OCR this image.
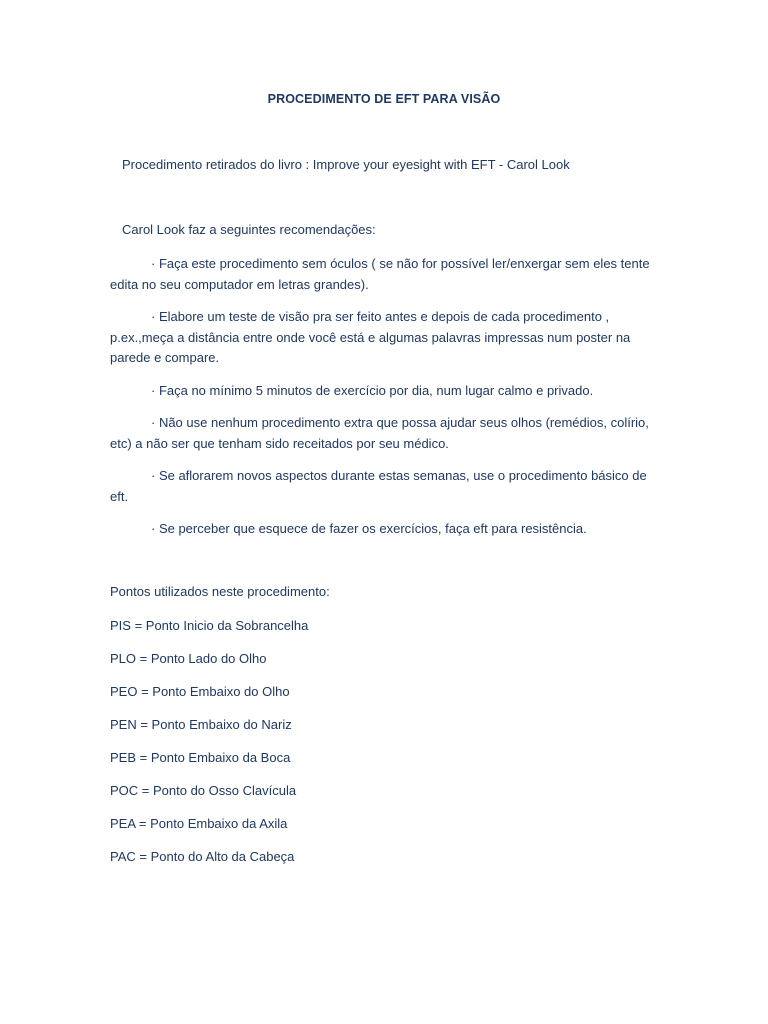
PROCEDIMENTO DE EFT PARA VISÃO
Procedimento retirados do livro : Improve your eyesight with EFT - Carol Look
Carol Look faz a seguintes recomendações:
· Faça este procedimento sem óculos ( se não for possível ler/enxergar sem eles tente edita no seu computador em letras grandes).
· Elabore um teste de visão pra ser feito antes e depois de cada procedimento , p.ex.,meça a distância entre onde você está e algumas palavras impressas num poster na parede e compare.
· Faça no mínimo 5 minutos de exercício por dia, num lugar calmo e privado.
· Não use nenhum procedimento extra que possa ajudar seus olhos (remédios, colírio, etc) a não ser que tenham sido receitados por seu médico.
· Se aflorarem novos aspectos durante estas semanas, use o procedimento básico de eft.
· Se perceber que esquece de fazer os exercícios, faça eft para resistência.
Pontos utilizados neste procedimento:
PIS = Ponto Inicio da Sobrancelha
PLO = Ponto Lado do Olho
PEO = Ponto Embaixo do Olho
PEN = Ponto Embaixo do Nariz
PEB = Ponto Embaixo da Boca
POC = Ponto do Osso Clavícula
PEA = Ponto Embaixo da Axila
PAC = Ponto do Alto da Cabeça
